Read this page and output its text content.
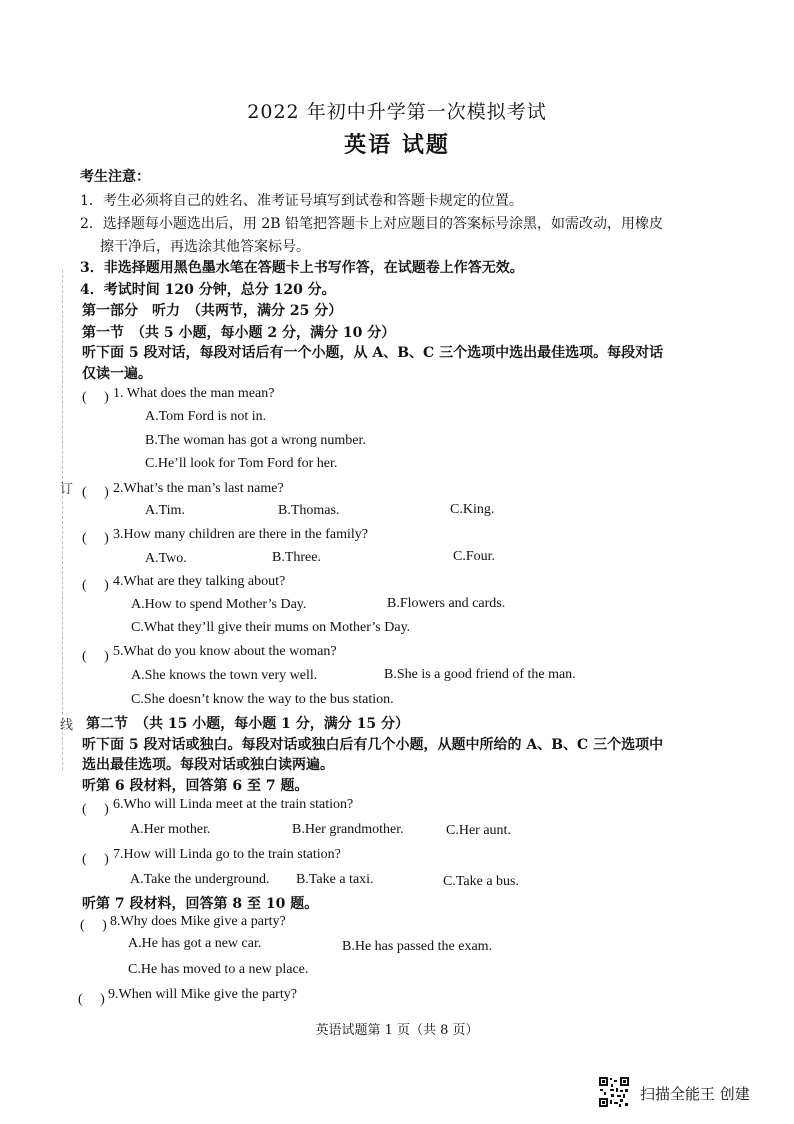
订
线
2022 年初中升学第一次模拟考试
英语 试题
考生注意：
1．考生必须将自己的姓名、准考证号填写到试卷和答题卡规定的位置。
2．选择题每小题选出后，用 2B 铅笔把答题卡上对应题目的答案标号涂黑，如需改动，用橡皮
擦干净后，再选涂其他答案标号。
3．非选择题用黑色墨水笔在答题卡上书写作答，在试题卷上作答无效。
4．考试时间 120 分钟，总分 120 分。
第一部分　听力　（共两节，满分 25 分）
第一节　（共 5 小题，每小题 2 分，满分 10 分）
听下面 5 段对话，每段对话后有一个小题，从 A、B、C 三个选项中选出最佳选项。每段对话
仅读一遍。
(　 ) 1. What does the man mean?
A.Tom Ford is not in.
B.The woman has got a wrong number.
C.He’ll look for Tom Ford for her.
(　 ) 2.What’s the man’s last name?
A.Tim.	B.Thomas.	C.King.
(　 ) 3.How many children are there in the family?
A.Two.	B.Three.	C.Four.
(　 ) 4.What are they talking about?
A.How to spend Mother’s Day.	B.Flowers and cards.
C.What they’ll give their mums on Mother’s Day.
(　 ) 5.What do you know about the woman?
A.She knows the town very well.	B.She is a good friend of the man.
C.She doesn’t know the way to the bus station.
第二节　（共 15 小题，每小题 1 分，满分 15 分）
听下面 5 段对话或独白。每段对话或独白后有几个小题，从题中所给的 A、B、C 三个选项中
选出最佳选项。每段对话或独白读两遍。
听第 6 段材料，回答第 6 至 7 题。
(　 ) 6.Who will Linda meet at the train station?
A.Her mother.	B.Her grandmother.	C.Her aunt.
(　 ) 7.How will Linda go to the train station?
A.Take the underground. B.Take a taxi.	C.Take a bus.
听第 7 段材料，回答第 8 至 10 题。
(　 ) 8.Why does Mike give a party?
A.He has got a new car.	B.He has passed the exam.
C.He has moved to a new place.
(　 ) 9.When will Mike give the party?
英语试题第 1 页（共 8 页）
扫描全能王 创建
